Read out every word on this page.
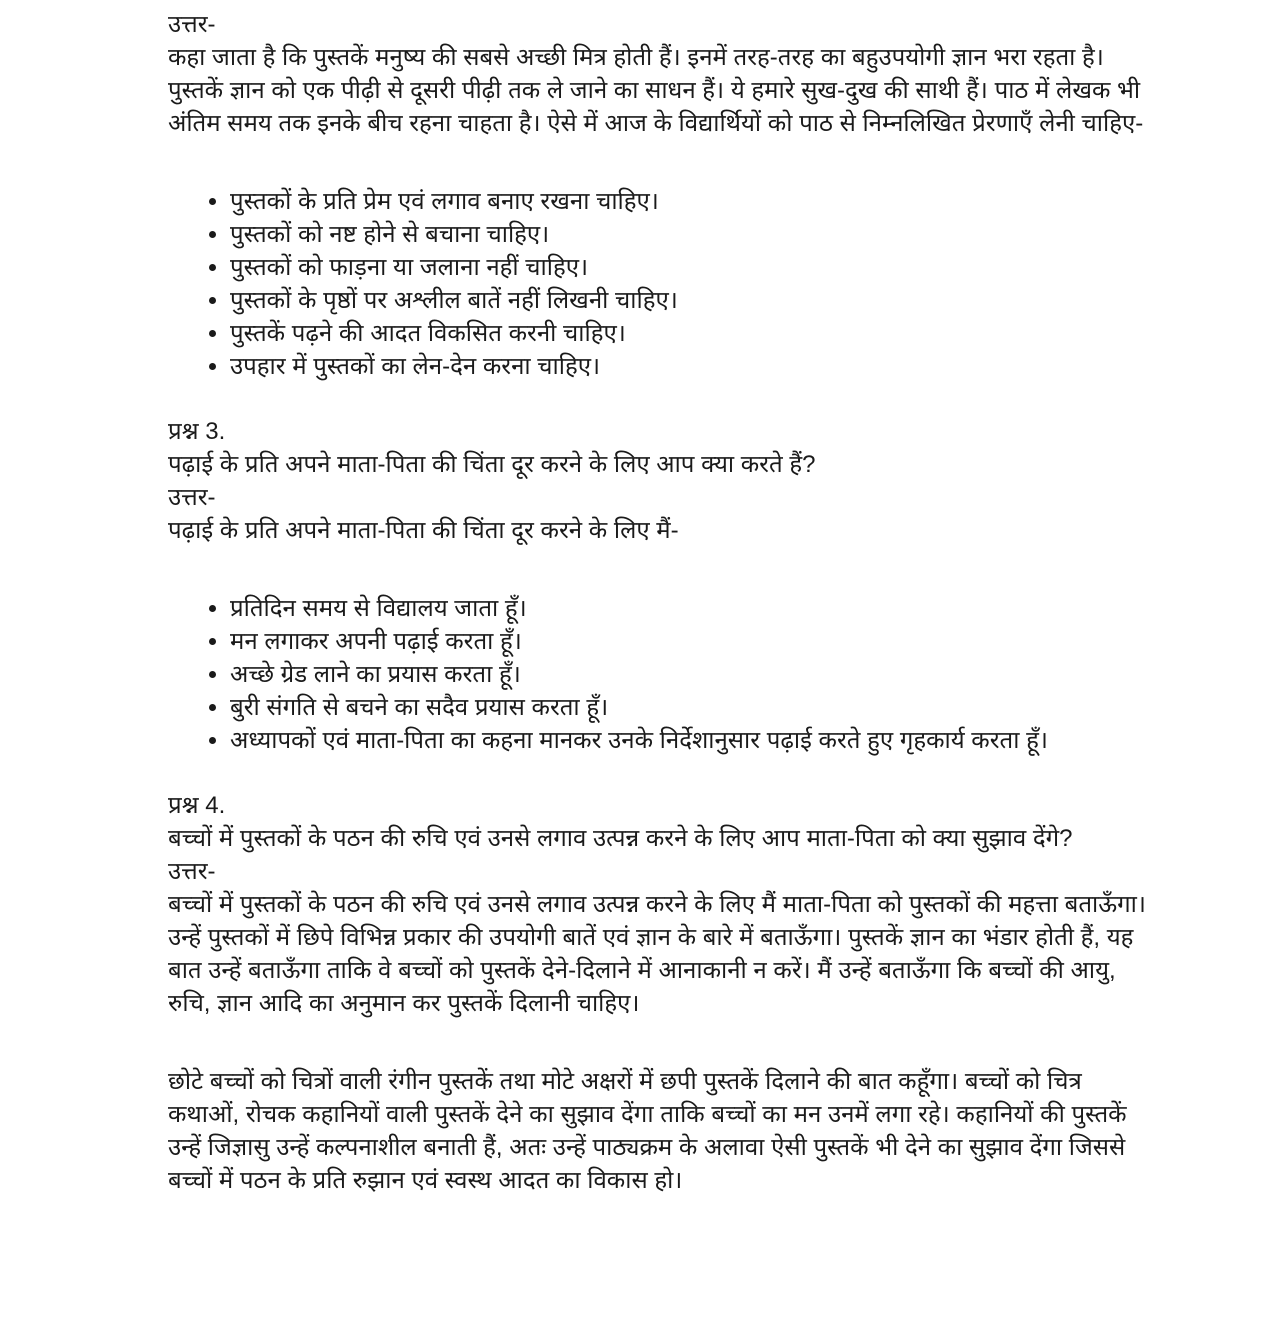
उत्तर-

कहा जाता है कि पुस्तकें मनुष्य की सबसे अच्छी मित्र होती हैं। इनमें तरह-तरह का बहुउपयोगी ज्ञान भरा रहता है। पुस्तकें ज्ञान को एक पीढ़ी से दूसरी पीढ़ी तक ले जाने का साधन हैं। ये हमारे सुख-दुख की साथी हैं। पाठ में लेखक भी अंतिम समय तक इनके बीच रहना चाहता है। ऐसे में आज के विद्यार्थियों को पाठ से निम्नलिखित प्रेरणाएँ लेनी चाहिए-

• पुस्तकों के प्रति प्रेम एवं लगाव बनाए रखना चाहिए।
• पुस्तकों को नष्ट होने से बचाना चाहिए।
• पुस्तकों को फाड़ना या जलाना नहीं चाहिए।
• पुस्तकों के पृष्ठों पर अश्लील बातें नहीं लिखनी चाहिए।
• पुस्तकें पढ़ने की आदत विकसित करनी चाहिए।
• उपहार में पुस्तकों का लेन-देन करना चाहिए।

प्रश्न 3.

पढ़ाई के प्रति अपने माता-पिता की चिंता दूर करने के लिए आप क्या करते हैं?

उत्तर-

पढ़ाई के प्रति अपने माता-पिता की चिंता दूर करने के लिए मैं-

• प्रतिदिन समय से विद्यालय जाता हूँ।
• मन लगाकर अपनी पढ़ाई करता हूँ।
• अच्छे ग्रेड लाने का प्रयास करता हूँ।
• बुरी संगति से बचने का सदैव प्रयास करता हूँ।
• अध्यापकों एवं माता-पिता का कहना मानकर उनके निर्देशानुसार पढ़ाई करते हुए गृहकार्य करता हूँ।

प्रश्न 4.

बच्चों में पुस्तकों के पठन की रुचि एवं उनसे लगाव उत्पन्न करने के लिए आप माता-पिता को क्या सुझाव देंगे?

उत्तर-

बच्चों में पुस्तकों के पठन की रुचि एवं उनसे लगाव उत्पन्न करने के लिए मैं माता-पिता को पुस्तकों की महत्ता बताऊँगा। उन्हें पुस्तकों में छिपे विभिन्न प्रकार की उपयोगी बातें एवं ज्ञान के बारे में बताऊँगा। पुस्तकें ज्ञान का भंडार होती हैं, यह बात उन्हें बताऊँगा ताकि वे बच्चों को पुस्तकें देने-दिलाने में आनाकानी न करें। मैं उन्हें बताऊँगा कि बच्चों की आयु, रुचि, ज्ञान आदि का अनुमान कर पुस्तकें दिलानी चाहिए।

छोटे बच्चों को चित्रों वाली रंगीन पुस्तकें तथा मोटे अक्षरों में छपी पुस्तकें दिलाने की बात कहूँगा। बच्चों को चित्र कथाओं, रोचक कहानियों वाली पुस्तकें देने का सुझाव देंगा ताकि बच्चों का मन उनमें लगा रहे। कहानियों की पुस्तकें उन्हें जिज्ञासु उन्हें कल्पनाशील बनाती हैं, अतः उन्हें पाठ्यक्रम के अलावा ऐसी पुस्तकें भी देने का सुझाव देंगा जिससे बच्चों में पठन के प्रति रुझान एवं स्वस्थ आदत का विकास हो।
